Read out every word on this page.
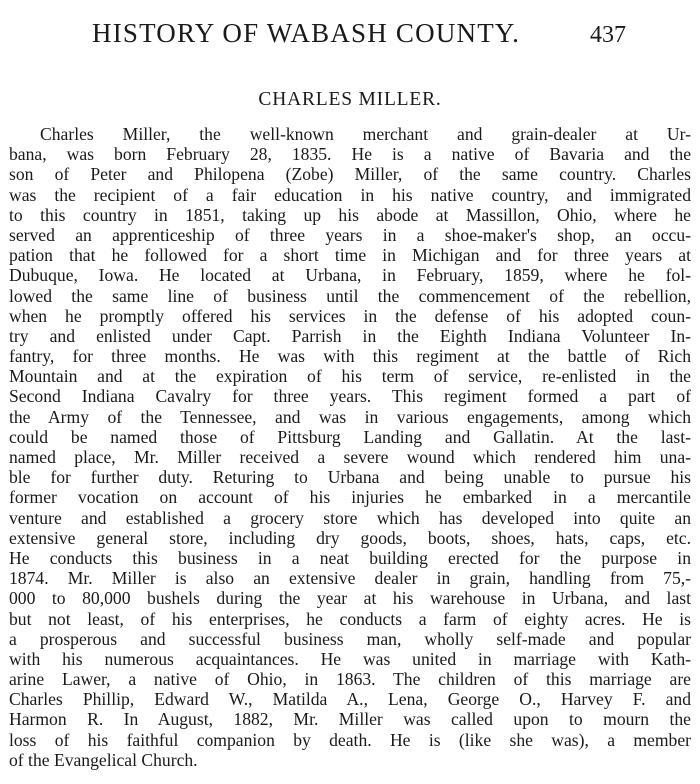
HISTORY OF WABASH COUNTY.	437
CHARLES MILLER.
Charles Miller, the well-known merchant and grain-dealer at Ur-
bana, was born February 28, 1835. He is a native of Bavaria and the
son of Peter and Philopena (Zobe) Miller, of the same country. Charles
was the recipient of a fair education in his native country, and immigrated
to this country in 1851, taking up his abode at Massillon, Ohio, where he
served an apprenticeship of three years in a shoe-maker's shop, an occu-
pation that he followed for a short time in Michigan and for three years at
Dubuque, Iowa. He located at Urbana, in February, 1859, where he fol-
lowed the same line of business until the commencement of the rebellion,
when he promptly offered his services in the defense of his adopted coun-
try and enlisted under Capt. Parrish in the Eighth Indiana Volunteer In-
fantry, for three months. He was with this regiment at the battle of Rich
Mountain and at the expiration of his term of service, re-enlisted in the
Second Indiana Cavalry for three years. This regiment formed a part of
the Army of the Tennessee, and was in various engagements, among which
could be named those of Pittsburg Landing and Gallatin. At the last-
named place, Mr. Miller received a severe wound which rendered him una-
ble for further duty. Returing to Urbana and being unable to pursue his
former vocation on account of his injuries he embarked in a mercantile
venture and established a grocery store which has developed into quite an
extensive general store, including dry goods, boots, shoes, hats, caps, etc.
He conducts this business in a neat building erected for the purpose in
1874. Mr. Miller is also an extensive dealer in grain, handling from 75,-
000 to 80,000 bushels during the year at his warehouse in Urbana, and last
but not least, of his enterprises, he conducts a farm of eighty acres. He is
a prosperous and successful business man, wholly self-made and popular
with his numerous acquaintances. He was united in marriage with Kath-
arine Lawer, a native of Ohio, in 1863. The children of this marriage are
Charles Phillip, Edward W., Matilda A., Lena, George O., Harvey F. and
Harmon R. In August, 1882, Mr. Miller was called upon to mourn the
loss of his faithful companion by death. He is (like she was), a member
of the Evangelical Church.
